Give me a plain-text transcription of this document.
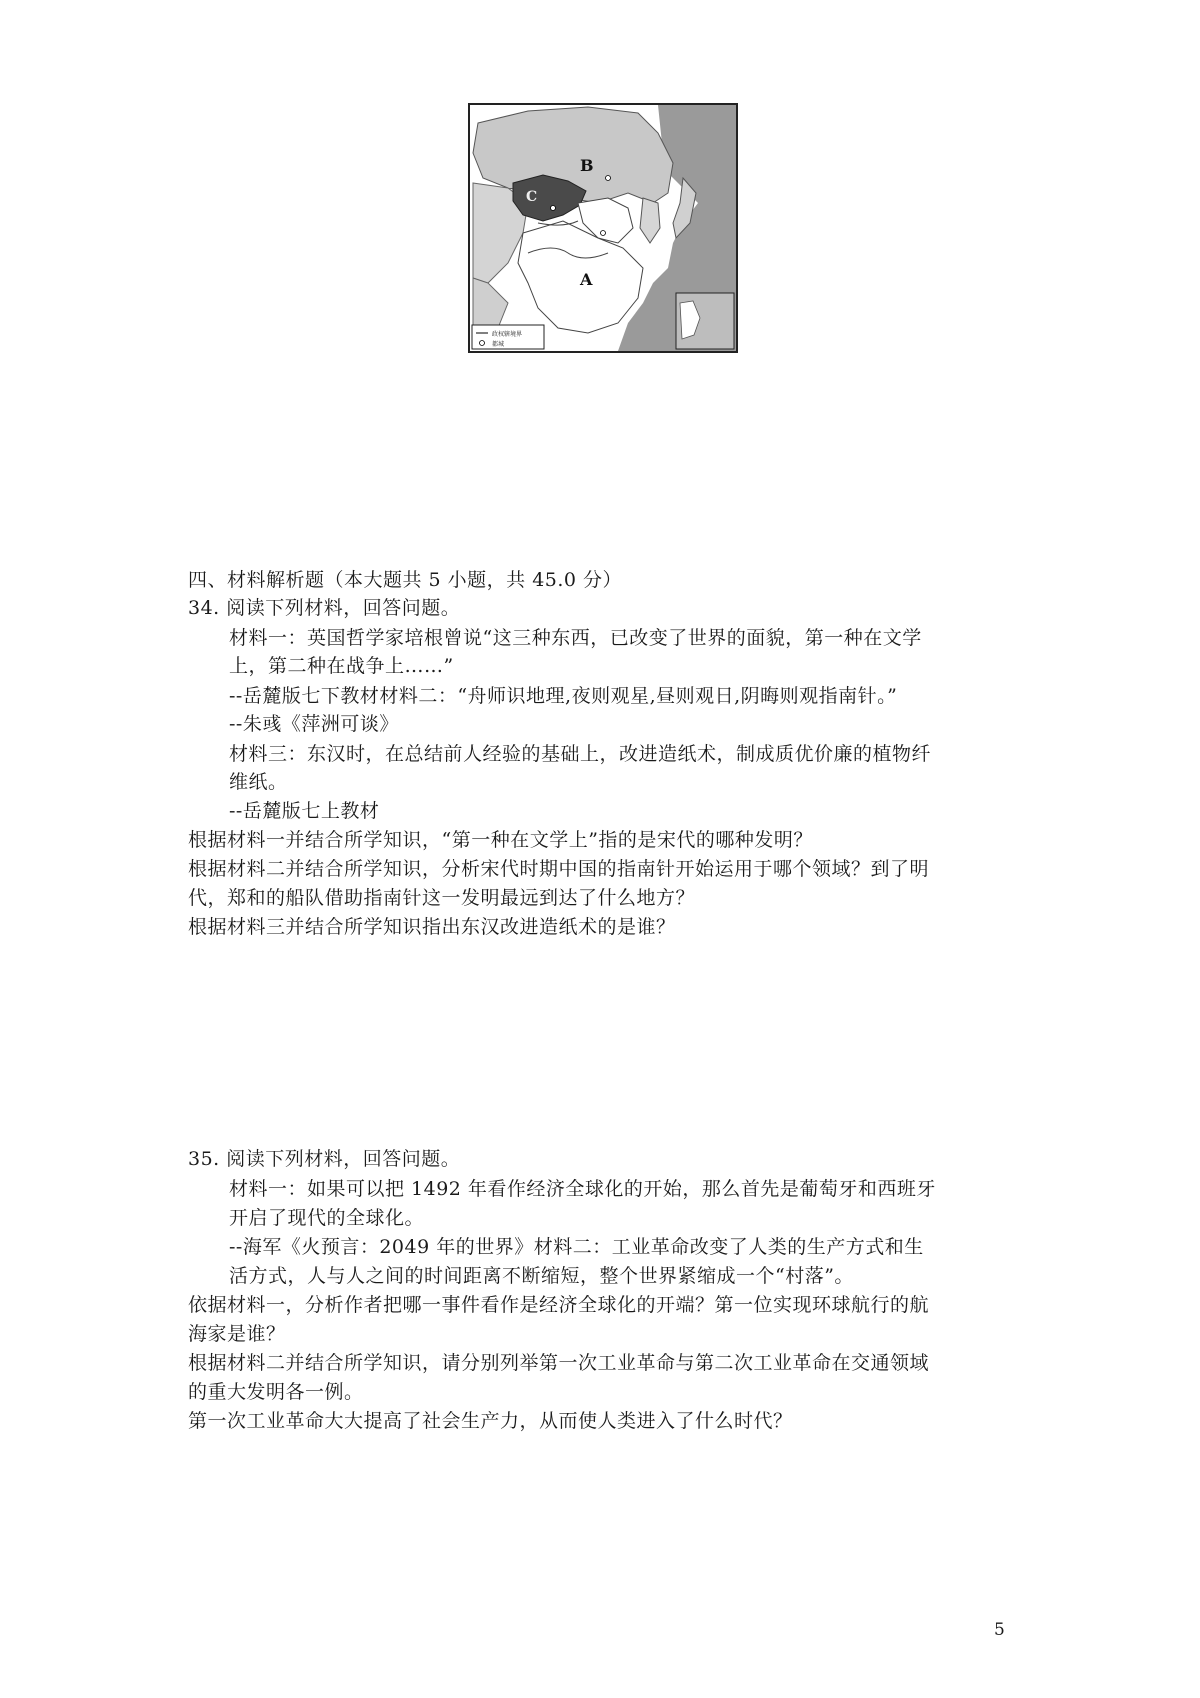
B
C
A
政权辖境界
都城
四、材料解析题（本大题共 5 小题，共 45.0 分）
34. 阅读下列材料，回答问题。
材料一：英国哲学家培根曾说“这三种东西，已改变了世界的面貌，第一种在文学
上，第二种在战争上……”
--岳麓版七下教材材料二：“舟师识地理,夜则观星,昼则观日,阴晦则观指南针。”
--朱彧《萍洲可谈》
材料三：东汉时，在总结前人经验的基础上，改进造纸术，制成质优价廉的植物纤
维纸。
--岳麓版七上教材
根据材料一并结合所学知识，“第一种在文学上”指的是宋代的哪种发明？
根据材料二并结合所学知识，分析宋代时期中国的指南针开始运用于哪个领域？到了明
代，郑和的船队借助指南针这一发明最远到达了什么地方？
根据材料三并结合所学知识指出东汉改进造纸术的是谁？
35. 阅读下列材料，回答问题。
材料一：如果可以把 1492 年看作经济全球化的开始，那么首先是葡萄牙和西班牙
开启了现代的全球化。
--海军《火预言：2049 年的世界》材料二：工业革命改变了人类的生产方式和生
活方式，人与人之间的时间距离不断缩短，整个世界紧缩成一个“村落”。
依据材料一，分析作者把哪一事件看作是经济全球化的开端？第一位实现环球航行的航
海家是谁？
根据材料二并结合所学知识，请分别列举第一次工业革命与第二次工业革命在交通领域
的重大发明各一例。
第一次工业革命大大提高了社会生产力，从而使人类进入了什么时代？
5
